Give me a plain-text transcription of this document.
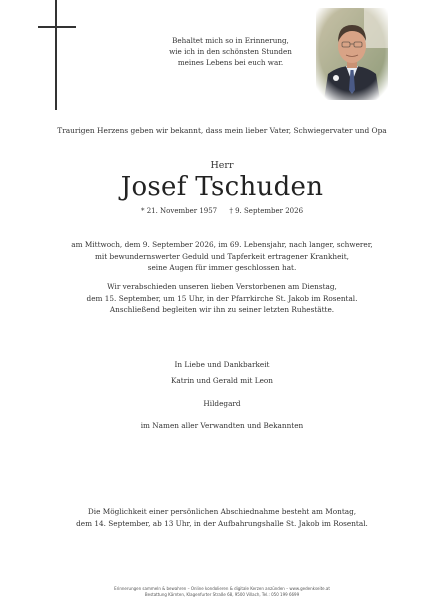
Behaltet mich so in Erinnerung,
wie ich in den schönsten Stunden
meines Lebens bei euch war.
Traurigen Herzens geben wir bekannt, dass mein lieber Vater, Schwiegervater und Opa
Herr
Josef Tschuden
* 21. November 1957 † 9. September 2026
am Mittwoch, dem 9. September 2026, im 69. Lebensjahr, nach langer, schwerer,
mit bewundernswerter Geduld und Tapferkeit ertragener Krankheit,
seine Augen für immer geschlossen hat.
Wir verabschieden unseren lieben Verstorbenen am Dienstag,
dem 15. September, um 15 Uhr, in der Pfarrkirche St. Jakob im Rosental.
Anschließend begleiten wir ihn zu seiner letzten Ruhestätte.
In Liebe und Dankbarkeit
Katrin und Gerald mit Leon
Hildegard
im Namen aller Verwandten und Bekannten
Die Möglichkeit einer persönlichen Abschiednahme besteht am Montag,
dem 14. September, ab 13 Uhr, in der Aufbahrungshalle St. Jakob im Rosental.
Erinnerungen sammeln & bewahren – Online kondolieren & digitale Kerzen anzünden – www.gedenkseite.at
Bestattung Kärnten, Klagenfurter Straße 68, 9500 Villach, Tel.: 050 199 6699
